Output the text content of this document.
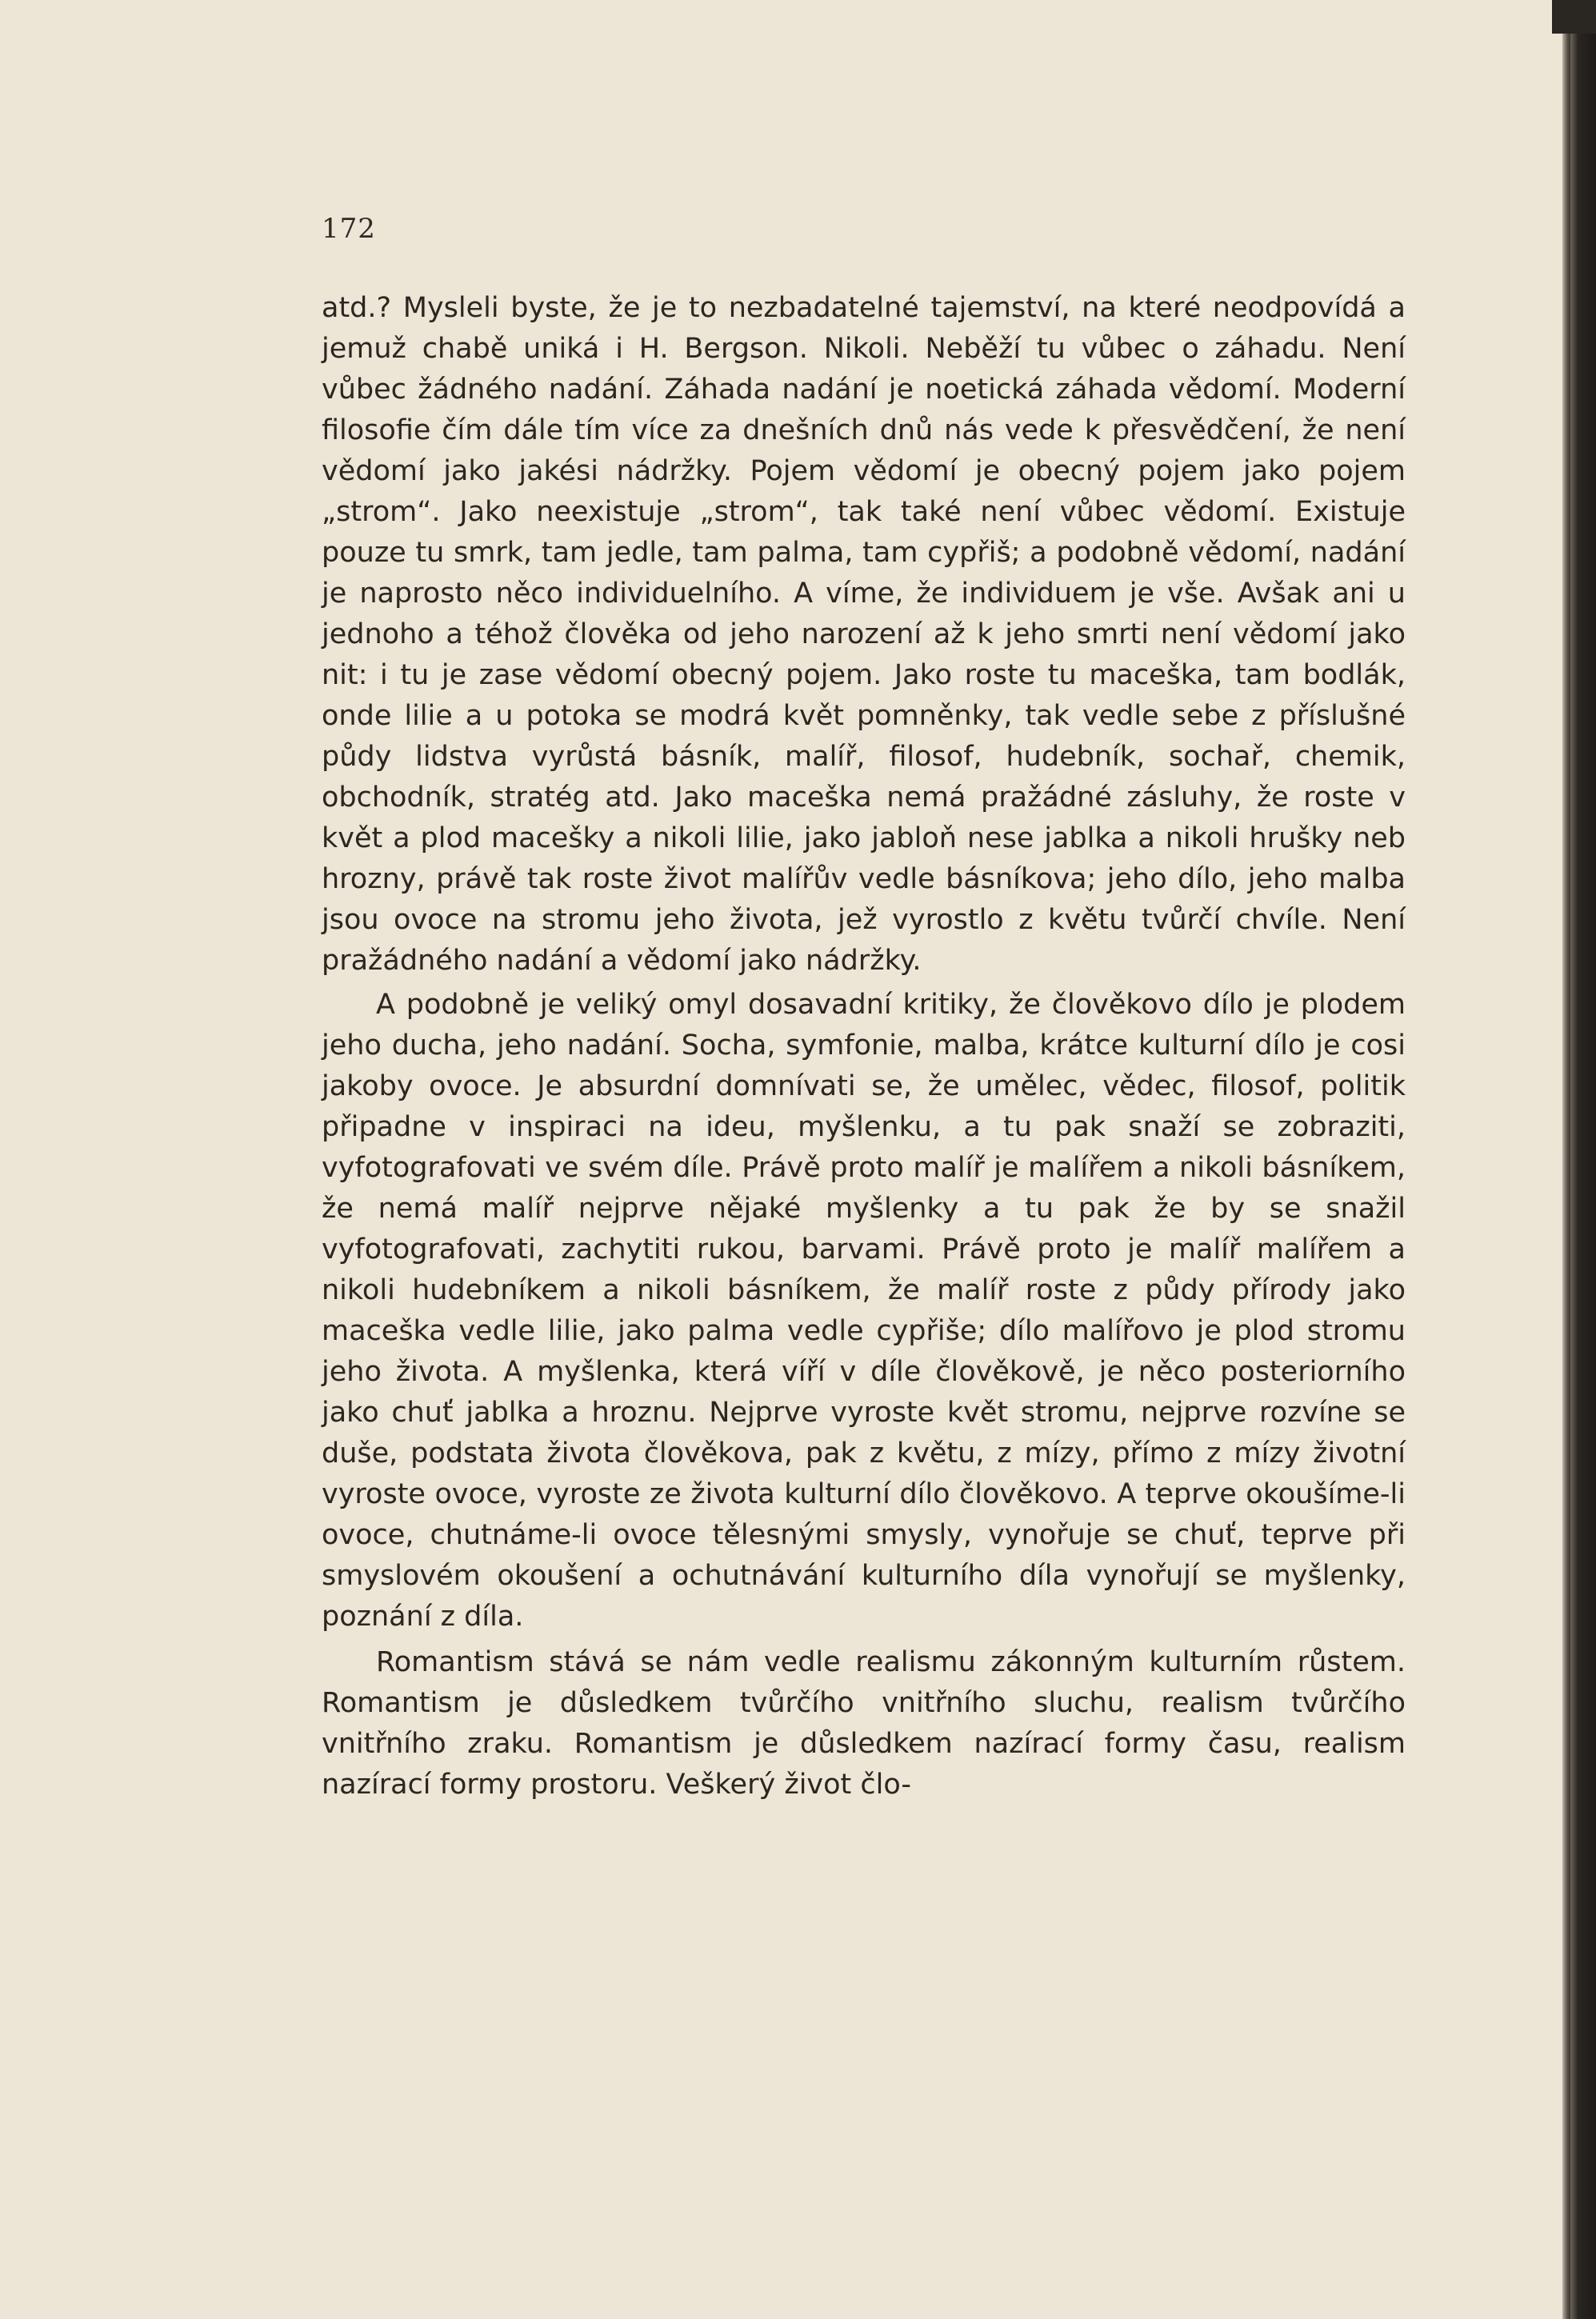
172

atd.? Mysleli byste, že je to nezbadatelné tajemství, na které neodpovídá a jemuž chabě uniká i H. Bergson. Nikoli. Neběží tu vůbec o záhadu. Není vůbec žádného nadání. Záhada nadání je noetická záhada vědomí. Moderní filosofie čím dále tím více za dnešních dnů nás vede k přesvědčení, že není vědomí jako jakési nádržky. Pojem vědomí je obecný pojem jako pojem „strom“. Jako neexistuje „strom“, tak také není vůbec vědomí. Existuje pouze tu smrk, tam jedle, tam palma, tam cypřiš; a podobně vědomí, nadání je naprosto něco individuelního. A víme, že individuem je vše. Avšak ani u jednoho a téhož člověka od jeho narození až k jeho smrti není vědomí jako nit: i tu je zase vědomí obecný pojem. Jako roste tu maceška, tam bodlák, onde lilie a u potoka se modrá květ pomněnky, tak vedle sebe z příslušné půdy lidstva vyrůstá básník, malíř, filosof, hudebník, sochař, chemik, obchodník, stratég atd. Jako maceška nemá pražádné zásluhy, že roste v květ a plod macešky a nikoli lilie, jako jabloň nese jablka a nikoli hrušky neb hrozny, právě tak roste život malířův vedle básníkova; jeho dílo, jeho malba jsou ovoce na stromu jeho života, jež vyrostlo z květu tvůrčí chvíle. Není pražádného nadání a vědomí jako nádržky.

A podobně je veliký omyl dosavadní kritiky, že člověkovo dílo je plodem jeho ducha, jeho nadání. Socha, symfonie, malba, krátce kulturní dílo je cosi jakoby ovoce. Je absurdní domnívati se, že umělec, vědec, filosof, politik připadne v inspiraci na ideu, myšlenku, a tu pak snaží se zobraziti, vyfotografovati ve svém díle. Právě proto malíř je malířem a nikoli básníkem, že nemá malíř nejprve nějaké myšlenky a tu pak že by se snažil vyfotografovati, zachytiti rukou, barvami. Právě proto je malíř malířem a nikoli hudebníkem a nikoli básníkem, že malíř roste z půdy přírody jako maceška vedle lilie, jako palma vedle cypřiše; dílo malířovo je plod stromu jeho života. A myšlenka, která víří v díle člověkově, je něco posteriorního jako chuť jablka a hroznu. Nejprve vyroste květ stromu, nejprve rozvíne se duše, podstata života člověkova, pak z květu, z mízy, přímo z mízy životní vyroste ovoce, vyroste ze života kulturní dílo člověkovo. A teprve okoušíme-li ovoce, chutnáme-li ovoce tělesnými smysly, vynořuje se chuť, teprve při smyslovém okoušení a ochutnávání kulturního díla vynořují se myšlenky, poznání z díla.

Romantism stává se nám vedle realismu zákonným kulturním růstem. Romantism je důsledkem tvůrčího vnitřního sluchu, realism tvůrčího vnitřního zraku. Romantism je důsledkem nazírací formy času, realism nazírací formy prostoru. Veškerý život člo-
